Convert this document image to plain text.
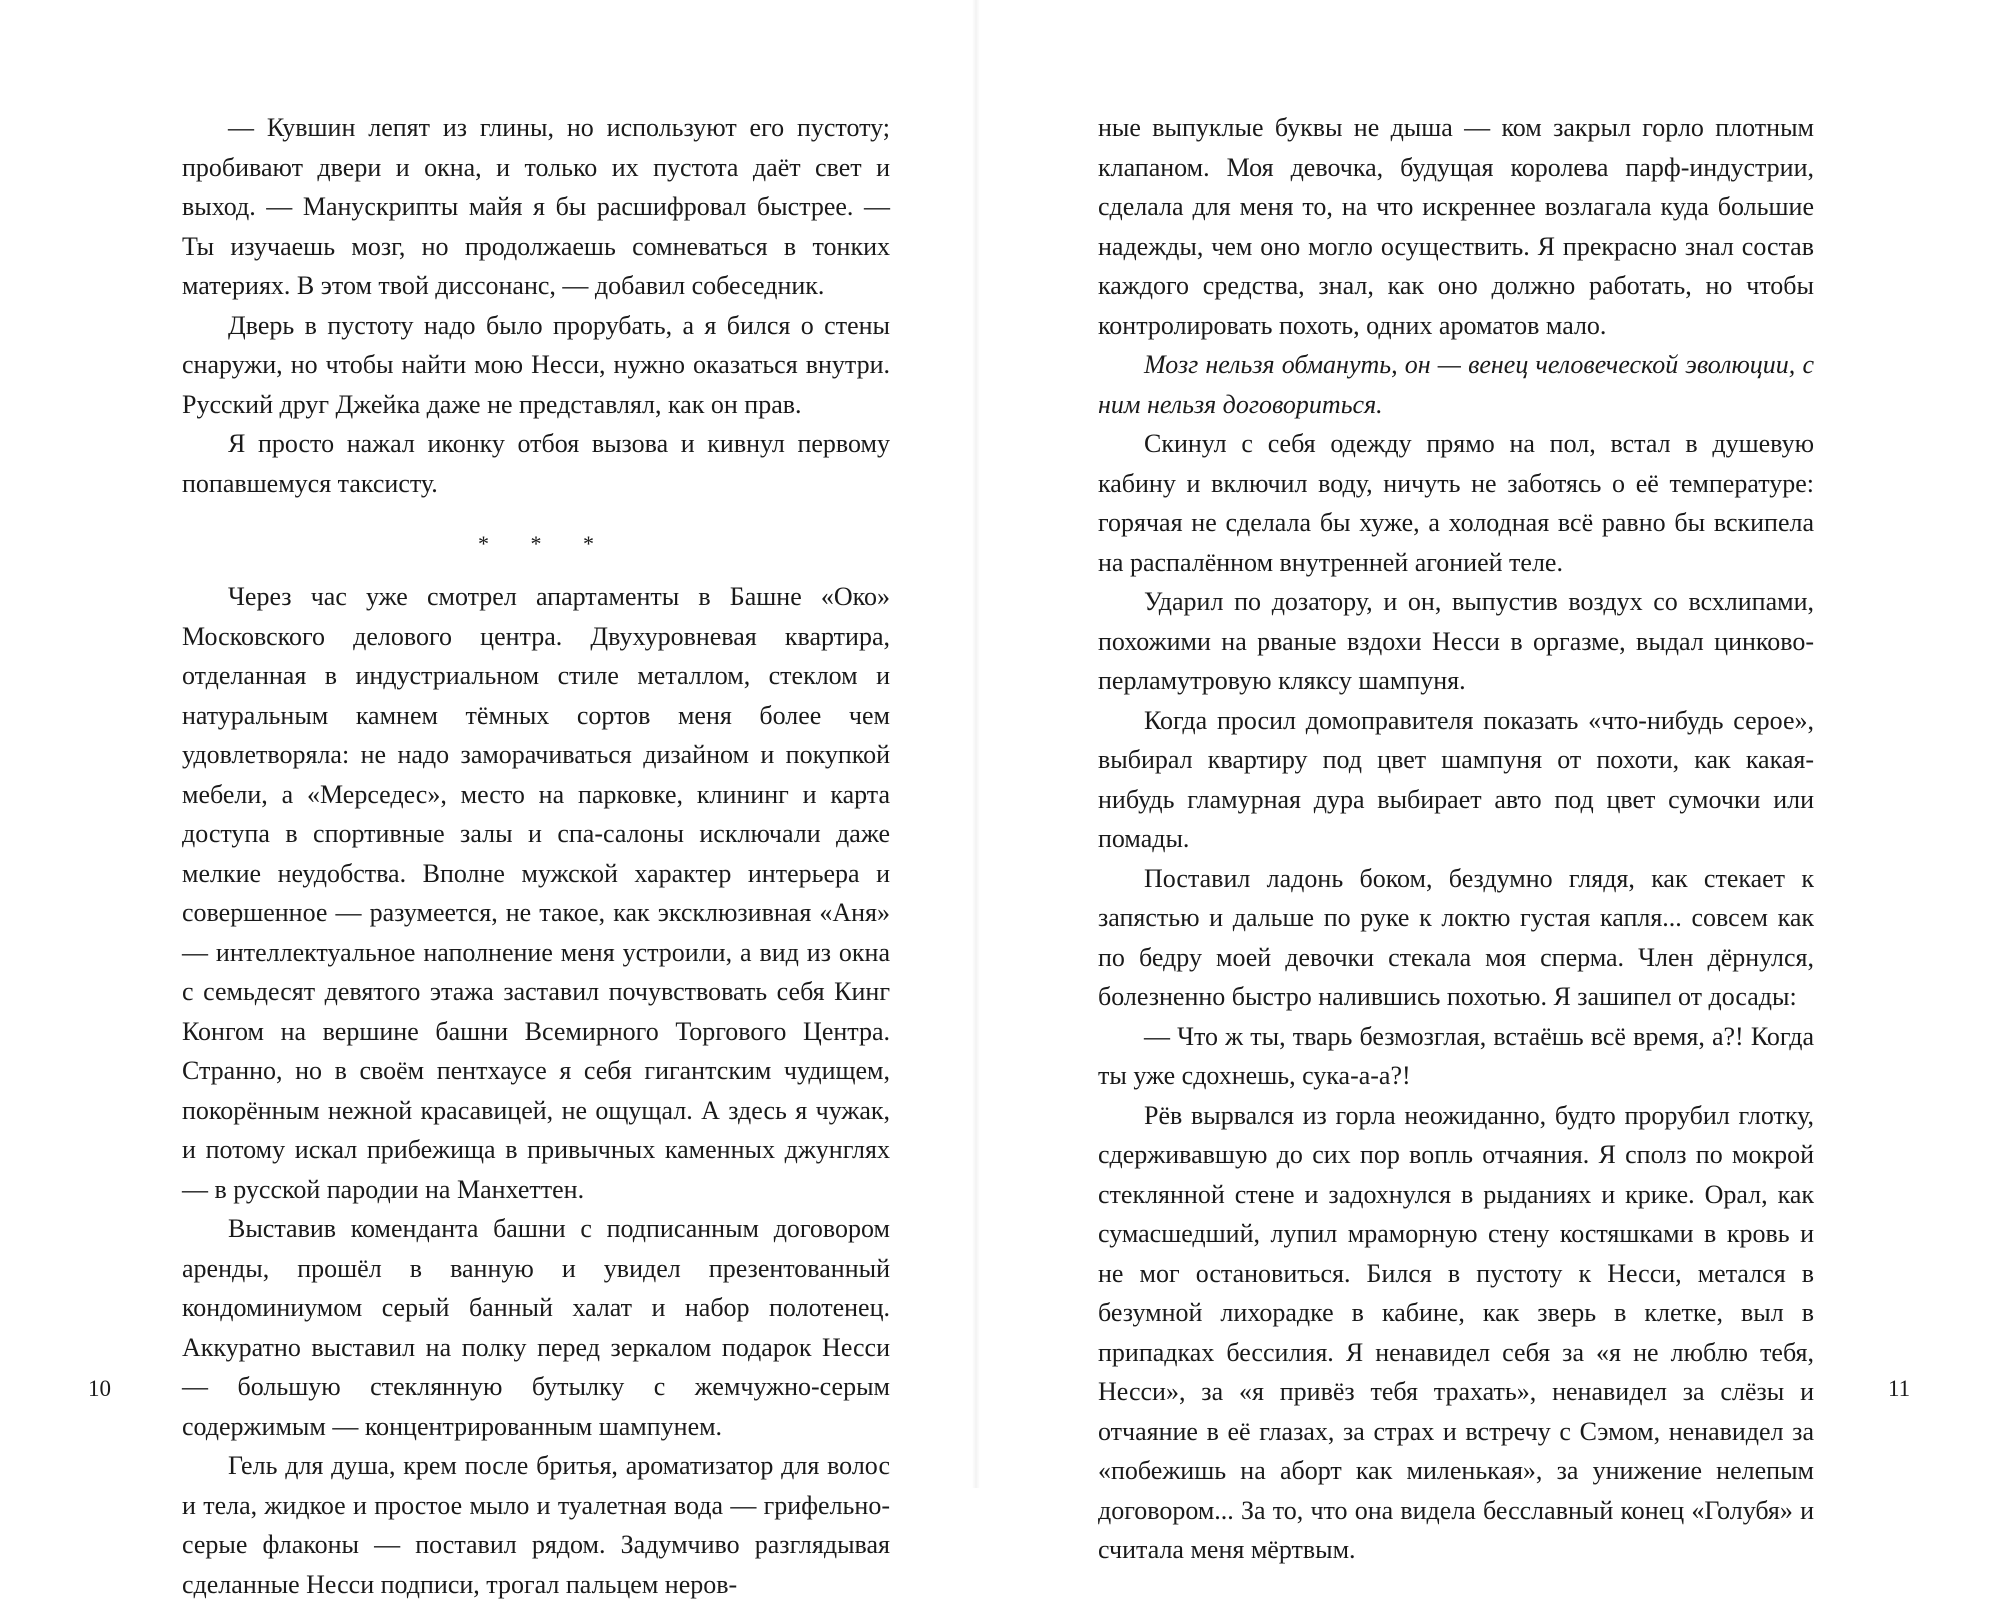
— Кувшин лепят из глины, но используют его пустоту; пробивают двери и окна, и только их пустота даёт свет и выход. — Манускрипты майя я бы расшифровал быстрее. — Ты изучаешь мозг, но продолжаешь сомневаться в тонких материях. В этом твой диссонанс, — добавил собеседник.

Дверь в пустоту надо было прорубать, а я бился о стены снаружи, но чтобы найти мою Несси, нужно оказаться внутри. Русский друг Джейка даже не представлял, как он прав.

Я просто нажал иконку отбоя вызова и кивнул первому попавшемуся таксисту.

* * *

Через час уже смотрел апартаменты в Башне «Око» Московского делового центра. Двухуровневая квартира, отделанная в индустриальном стиле металлом, стеклом и натуральным камнем тёмных сортов меня более чем удовлетворяла: не надо заморачиваться дизайном и покупкой мебели, а «Мерседес», место на парковке, клининг и карта доступа в спортивные залы и спа-салоны исключали даже мелкие неудобства. Вполне мужской характер интерьера и совершенное — разумеется, не такое, как эксклюзивная «Аня» — интеллектуальное наполнение меня устроили, а вид из окна с семьдесят девятого этажа заставил почувствовать себя Кинг Конгом на вершине башни Всемирного Торгового Центра. Странно, но в своём пентхаусе я себя гигантским чудищем, покорённым нежной красавицей, не ощущал. А здесь я чужак, и потому искал прибежища в привычных каменных джунглях — в русской пародии на Манхеттен.

Выставив коменданта башни с подписанным договором аренды, прошёл в ванную и увидел презентованный кондоминиумом серый банный халат и набор полотенец. Аккуратно выставил на полку перед зеркалом подарок Несси — большую стеклянную бутылку с жемчужно-серым содержимым — концентрированным шампунем.

Гель для душа, крем после бритья, ароматизатор для волос и тела, жидкое и простое мыло и туалетная вода — грифельно-серые флаконы — поставил рядом. Задумчиво разглядывая сделанные Несси подписи, трогал пальцем неров-

10

ные выпуклые буквы не дыша — ком закрыл горло плотным клапаном. Моя девочка, будущая королева парф-индустрии, сделала для меня то, на что искреннее возлагала куда большие надежды, чем оно могло осуществить. Я прекрасно знал состав каждого средства, знал, как оно должно работать, но чтобы контролировать похоть, одних ароматов мало.

Мозг нельзя обмануть, он — венец человеческой эволюции, с ним нельзя договориться.

Скинул с себя одежду прямо на пол, встал в душевую кабину и включил воду, ничуть не заботясь о её температуре: горячая не сделала бы хуже, а холодная всё равно бы вскипела на распалённом внутренней агонией теле.

Ударил по дозатору, и он, выпустив воздух со всхлипами, похожими на рваные вздохи Несси в оргазме, выдал цинково-перламутровую кляксу шампуня.

Когда просил домоправителя показать «что-нибудь серое», выбирал квартиру под цвет шампуня от похоти, как какая-нибудь гламурная дура выбирает авто под цвет сумочки или помады.

Поставил ладонь боком, бездумно глядя, как стекает к запястью и дальше по руке к локтю густая капля... совсем как по бедру моей девочки стекала моя сперма. Член дёрнулся, болезненно быстро налившись похотью. Я зашипел от досады:

— Что ж ты, тварь безмозглая, встаёшь всё время, а?! Когда ты уже сдохнешь, сука-а-а?!

Рёв вырвался из горла неожиданно, будто прорубил глотку, сдерживавшую до сих пор вопль отчаяния. Я сполз по мокрой стеклянной стене и задохнулся в рыданиях и крике. Орал, как сумасшедший, лупил мраморную стену костяшками в кровь и не мог остановиться. Бился в пустоту к Несси, метался в безумной лихорадке в кабине, как зверь в клетке, выл в припадках бессилия. Я ненавидел себя за «я не люблю тебя, Несси», за «я привёз тебя трахать», ненавидел за слёзы и отчаяние в её глазах, за страх и встречу с Сэмом, ненавидел за «побежишь на аборт как миленькая», за унижение нелепым договором... За то, что она видела бесславный конец «Голубя» и считала меня мёртвым.

11
